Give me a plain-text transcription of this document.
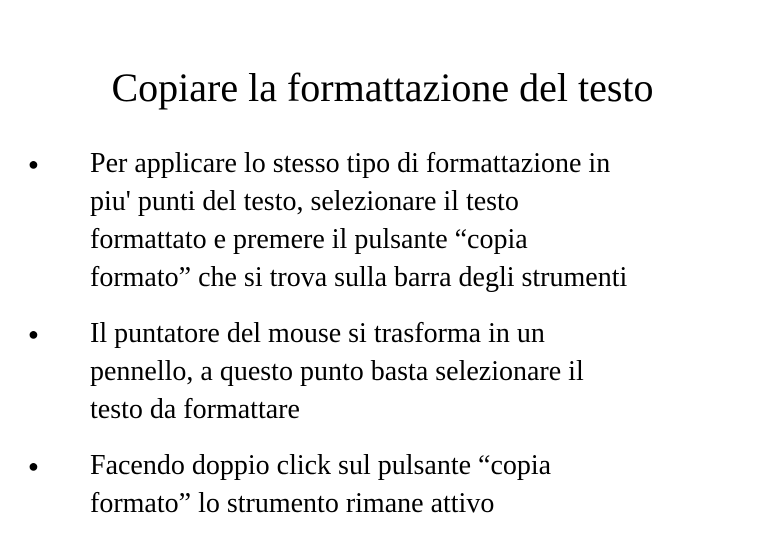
Copiare la formattazione del testo
● Per applicare lo stesso tipo di formattazione in
piu' punti del testo, selezionare il testo
formattato e premere il pulsante “copia
formato” che si trova sulla barra degli strumenti
● Il puntatore del mouse si trasforma in un
pennello, a questo punto basta selezionare il
testo da formattare
● Facendo doppio click sul pulsante “copia
formato” lo strumento rimane attivo
